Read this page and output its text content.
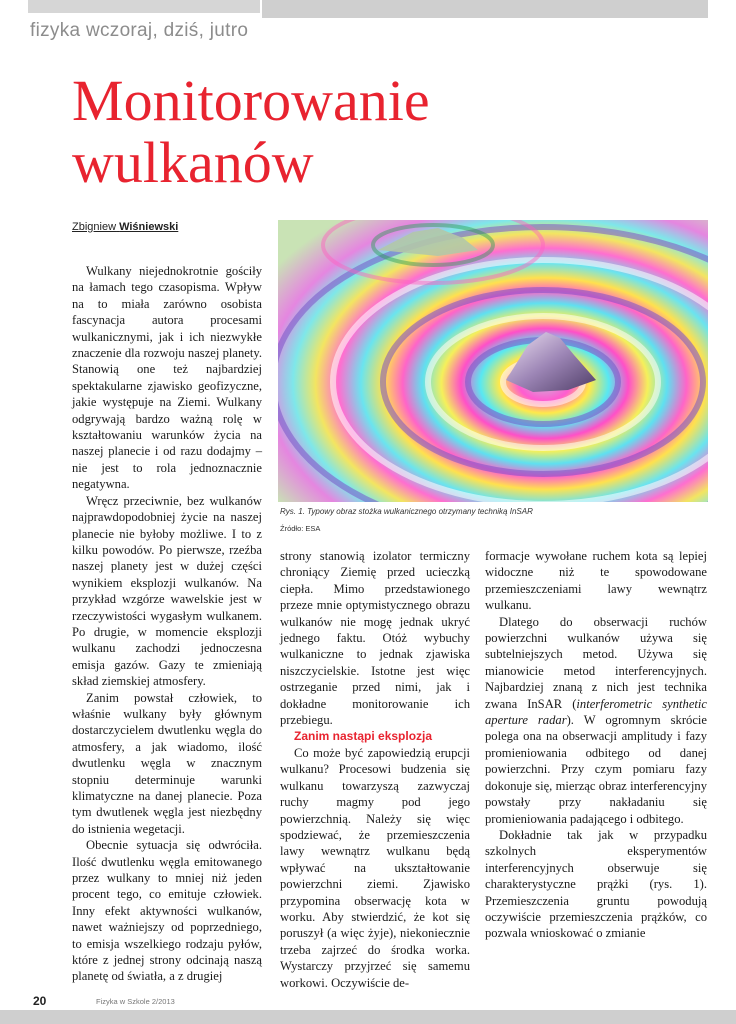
fizyka wczoraj, dziś, jutro
Monitorowanie
wulkanów
Zbigniew Wiśniewski
Rys. 1. Typowy obraz stożka wulkanicznego otrzymany techniką InSAR
Źródło: ESA

Wulkany niejednokrotnie gościły na łamach tego czasopisma. Wpływ na to miała zarówno osobista fascynacja autora procesami wulkanicznymi, jak i ich niezwykłe znaczenie dla rozwoju naszej planety. Stanowią one też najbardziej spektakularne zjawisko geofizyczne, jakie występuje na Ziemi. Wulkany odgrywają bardzo ważną rolę w kształtowaniu warunków życia na naszej planecie i od razu dodajmy – nie jest to rola jednoznacznie negatywna.

Wręcz przeciwnie, bez wulkanów najprawdopodobniej życie na naszej planecie nie byłoby możliwe. I to z kilku powodów. Po pierwsze, rzeźba naszej planety jest w dużej części wynikiem eksplozji wulkanów. Na przykład wzgórze wawelskie jest w rzeczywistości wygasłym wulkanem. Po drugie, w momencie eksplozji wulkanu zachodzi jednoczesna emisja gazów. Gazy te zmieniają skład ziemskiej atmosfery.

Zanim powstał człowiek, to właśnie wulkany były głównym dostarczycielem dwutlenku węgla do atmosfery, a jak wiadomo, ilość dwutlenku węgla w znacznym stopniu determinuje warunki klimatyczne na danej planecie. Poza tym dwutlenek węgla jest niezbędny do istnienia wegetacji.

Obecnie sytuacja się odwróciła. Ilość dwutlenku węgla emitowanego przez wulkany to mniej niż jeden procent tego, co emituje człowiek. Inny efekt aktywności wulkanów, nawet ważniejszy od poprzedniego, to emisja wszelkiego rodzaju pyłów, które z jednej strony odcinają naszą planetę od światła, a z drugiej

strony stanowią izolator termiczny chroniący Ziemię przed ucieczką ciepła. Mimo przedstawionego przeze mnie optymistycznego obrazu wulkanów nie mogę jednak ukryć jednego faktu. Otóż wybuchy wulkaniczne to jednak zjawiska niszczycielskie. Istotne jest więc ostrzeganie przed nimi, jak i dokładne monitorowanie ich przebiegu.

Zanim nastąpi eksplozja

Co może być zapowiedzią erupcji wulkanu? Procesowi budzenia się wulkanu towarzyszą zazwyczaj ruchy magmy pod jego powierzchnią. Należy się więc spodziewać, że przemieszczenia lawy wewnątrz wulkanu będą wpływać na ukształtowanie powierzchni ziemi. Zjawisko przypomina obserwację kota w worku. Aby stwierdzić, że kot się poruszył (a więc żyje), niekoniecznie trzeba zajrzeć do środka worka. Wystarczy przyjrzeć się samemu workowi. Oczywiście de-

formacje wywołane ruchem kota są lepiej widoczne niż te spowodowane przemieszczeniami lawy wewnątrz wulkanu.

Dlatego do obserwacji ruchów powierzchni wulkanów używa się subtelniejszych metod. Używa się mianowicie metod interferencyjnych. Najbardziej znaną z nich jest technika zwana InSAR (interferometric synthetic aperture radar). W ogromnym skrócie polega ona na obserwacji amplitudy i fazy promieniowania odbitego od danej powierzchni. Przy czym pomiaru fazy dokonuje się, mierząc obraz interferencyjny powstały przy nakładaniu się promieniowania padającego i odbitego.

Dokładnie tak jak w przypadku szkolnych eksperymentów interferencyjnych obserwuje się charakterystyczne prążki (rys. 1). Przemieszczenia gruntu powodują oczywiście przemieszczenia prążków, co pozwala wnioskować o zmianie

20	Fizyka w Szkole 2/2013
